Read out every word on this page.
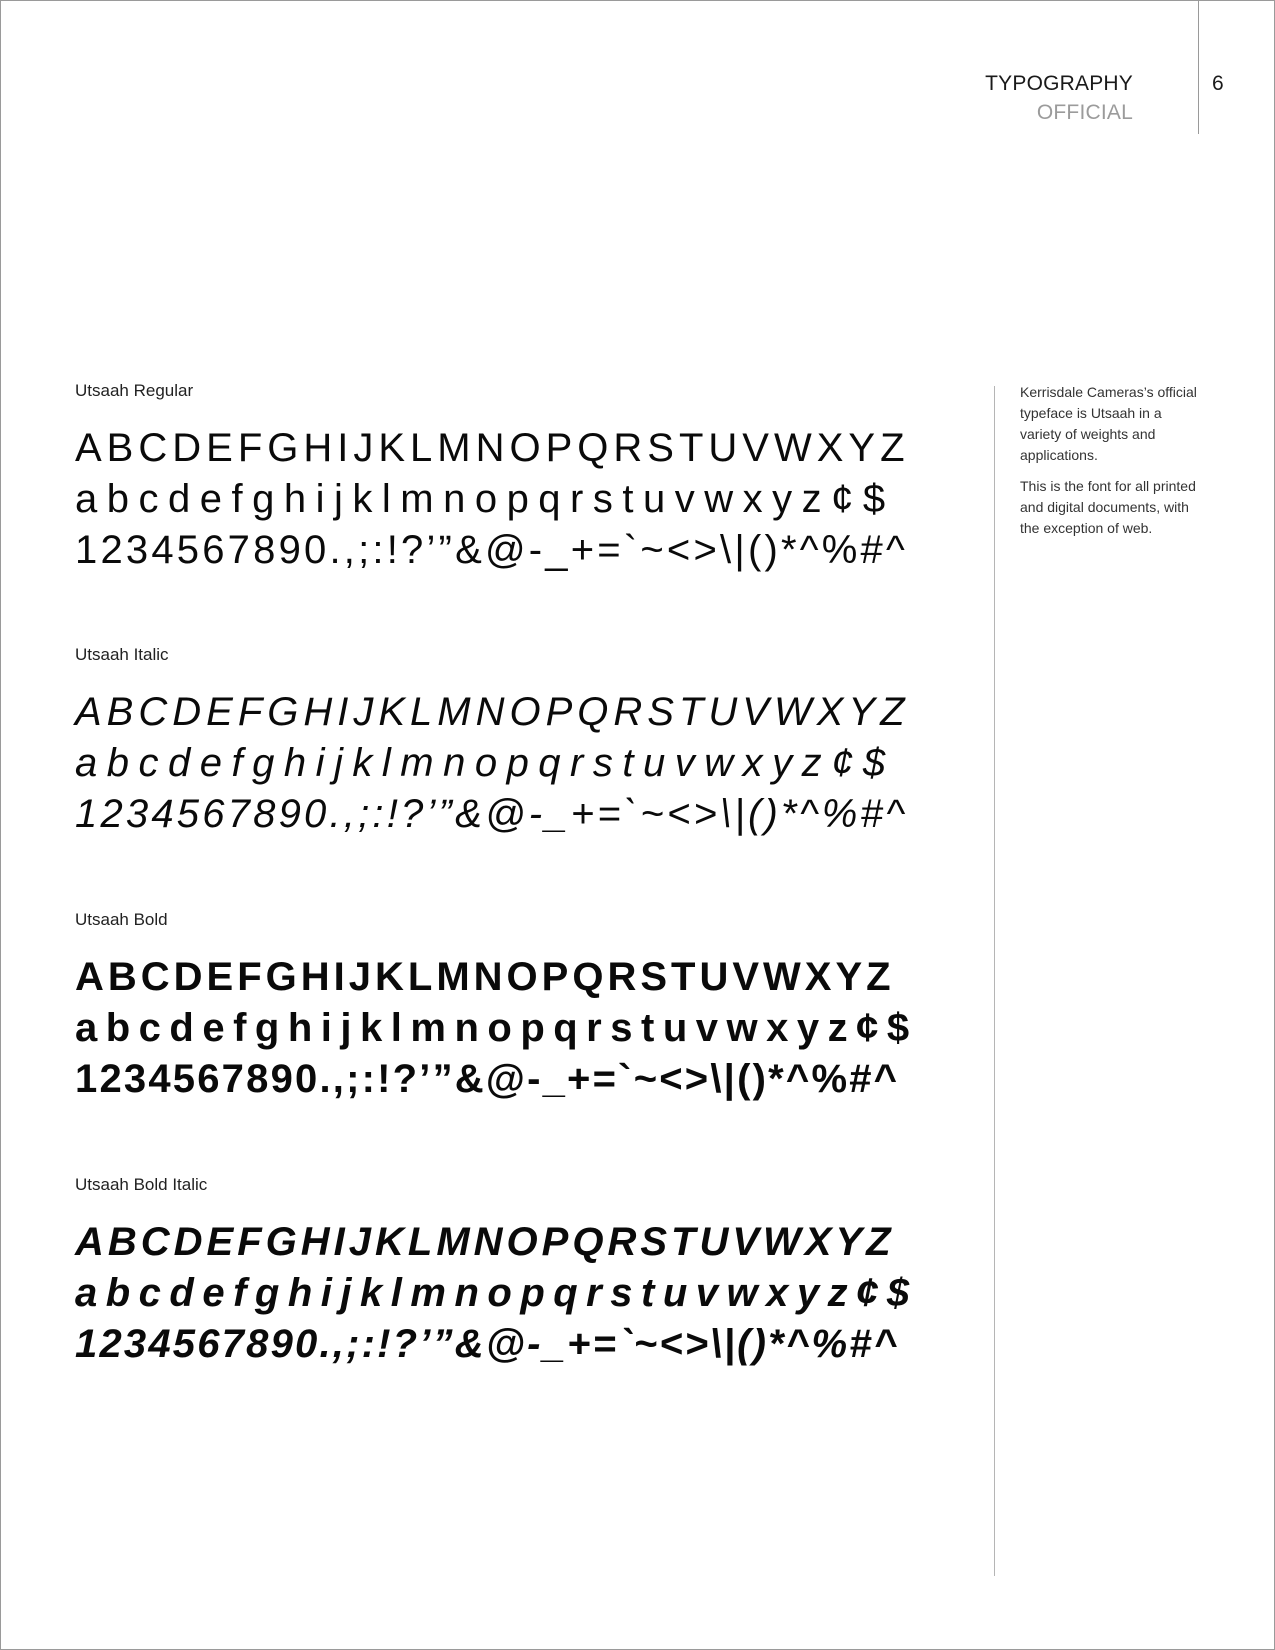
TYPOGRAPHY
OFFICIAL
6

Kerrisdale Cameras’s official typeface is Utsaah in a variety of weights and applications.

This is the font for all printed and digital documents, with the exception of web.

Utsaah Regular
ABCDEFGHIJKLMNOPQRSTUVWXYZ
abcdefghijklmnopqrstuvwxyz¢$
1234567890.,;:!?’”&@-_+=`~<>\|()*^%#^
Utsaah Italic
ABCDEFGHIJKLMNOPQRSTUVWXYZ
abcdefghijklmnopqrstuvwxyz¢$
1234567890.,;:!?’”&@-_+=`~<>\|()*^%#^
Utsaah Bold
ABCDEFGHIJKLMNOPQRSTUVWXYZ
abcdefghijklmnopqrstuvwxyz¢$
1234567890.,;:!?’”&@-_+=`~<>\|()*^%#^
Utsaah Bold Italic
ABCDEFGHIJKLMNOPQRSTUVWXYZ
abcdefghijklmnopqrstuvwxyz¢$
1234567890.,;:!?’”&@-_+=`~<>\|()*^%#^
